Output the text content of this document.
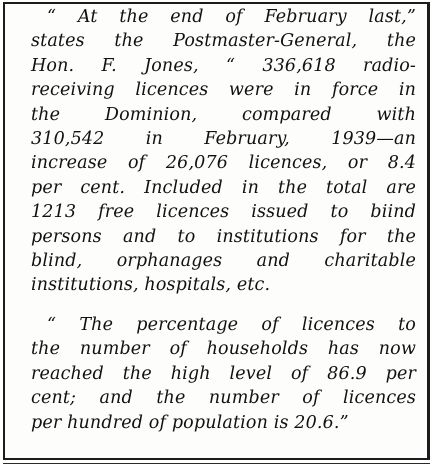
“ At the end of February last,”
states the Postmaster-General, the
Hon. F. Jones, “ 336,618 radio-
receiving licences were in force in
the Dominion, compared with
310,542 in February, 1939—an
increase of 26,076 licences, or 8.4
per cent. Included in the total are
1213 free licences issued to biind
persons and to institutions for the
blind, orphanages and charitable
institutions, hospitals, etc.

“ The percentage of licences to
the number of households has now
reached the high level of 86.9 per
cent; and the number of licences
per hundred of population is 20.6.”
